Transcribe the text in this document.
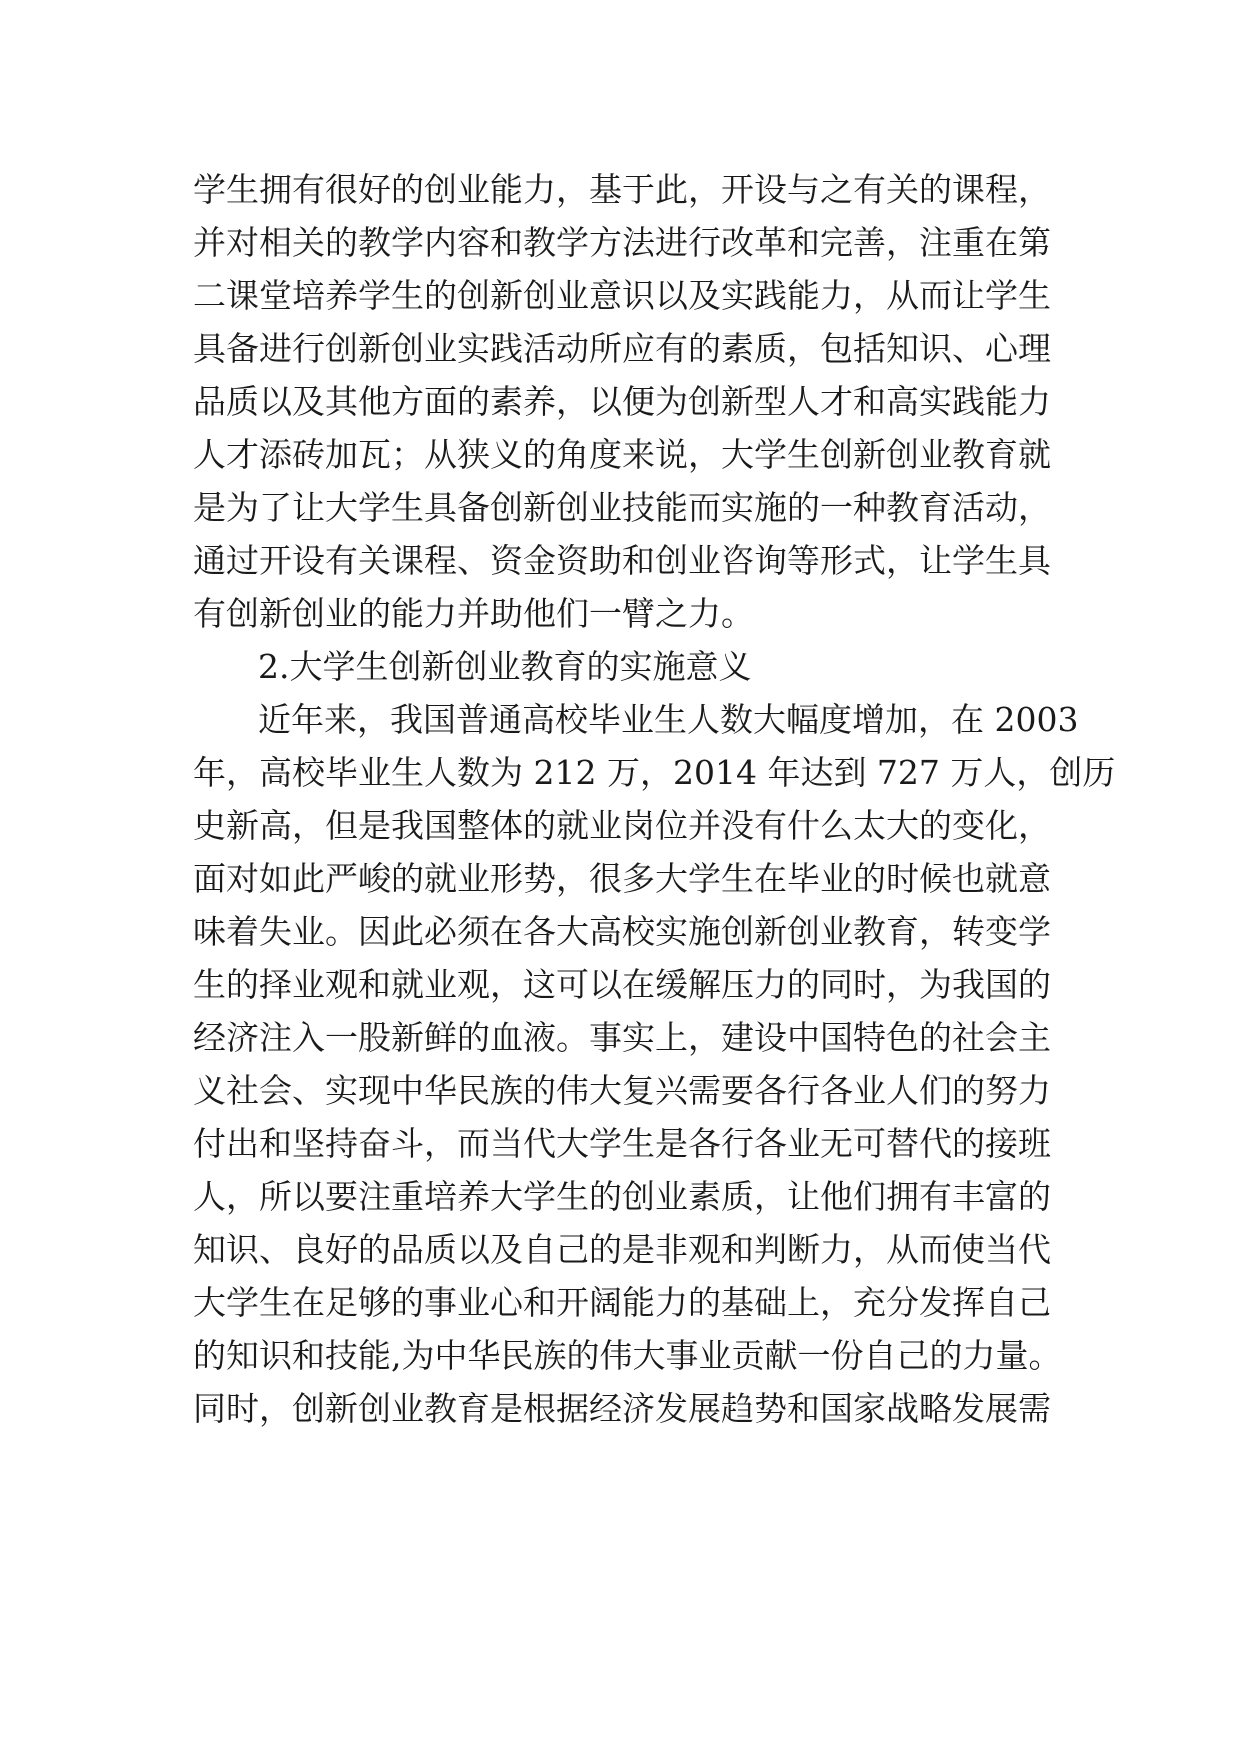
学生拥有很好的创业能力，基于此，开设与之有关的课程，
并对相关的教学内容和教学方法进行改革和完善，注重在第
二课堂培养学生的创新创业意识以及实践能力，从而让学生
具备进行创新创业实践活动所应有的素质，包括知识、心理
品质以及其他方面的素养，以便为创新型人才和高实践能力
人才添砖加瓦；从狭义的角度来说，大学生创新创业教育就
是为了让大学生具备创新创业技能而实施的一种教育活动，
通过开设有关课程、资金资助和创业咨询等形式，让学生具
有创新创业的能力并助他们一臂之力。
2.大学生创新创业教育的实施意义
近年来，我国普通高校毕业生人数大幅度增加，在 2003
年，高校毕业生人数为 212 万，2014 年达到 727 万人，创历
史新高，但是我国整体的就业岗位并没有什么太大的变化，
面对如此严峻的就业形势，很多大学生在毕业的时候也就意
味着失业。因此必须在各大高校实施创新创业教育，转变学
生的择业观和就业观，这可以在缓解压力的同时，为我国的
经济注入一股新鲜的血液。事实上，建设中国特色的社会主
义社会、实现中华民族的伟大复兴需要各行各业人们的努力
付出和坚持奋斗，而当代大学生是各行各业无可替代的接班
人，所以要注重培养大学生的创业素质，让他们拥有丰富的
知识、良好的品质以及自己的是非观和判断力，从而使当代
大学生在足够的事业心和开阔能力的基础上，充分发挥自己
的知识和技能,为中华民族的伟大事业贡献一份自己的力量。
同时，创新创业教育是根据经济发展趋势和国家战略发展需
